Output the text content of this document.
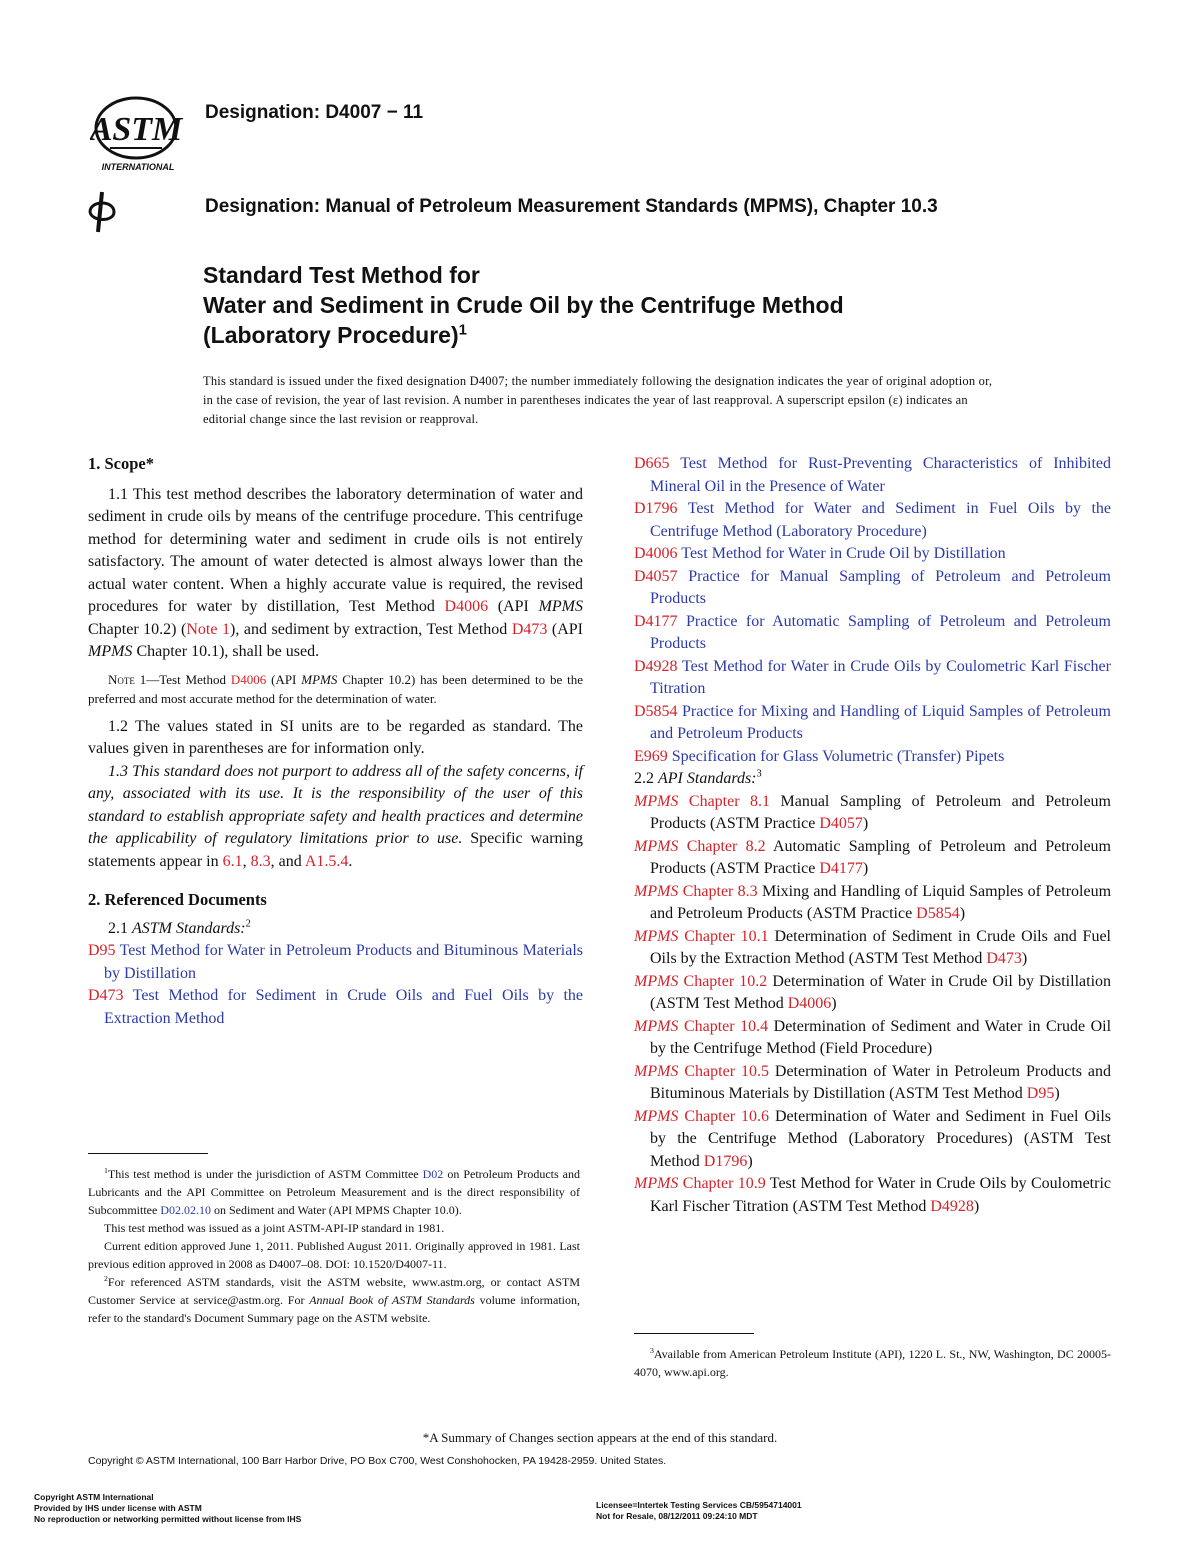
ASTM
INTERNATIONAL
Designation: D4007 − 11
Designation: Manual of Petroleum Measurement Standards (MPMS), Chapter 10.3
Standard Test Method for
Water and Sediment in Crude Oil by the Centrifuge Method
(Laboratory Procedure)$^1$
This standard is issued under the fixed designation D4007; the number immediately following the designation indicates the year of original adoption or, in the case of revision, the year of last revision. A number in parentheses indicates the year of last reapproval. A superscript epsilon (ε) indicates an editorial change since the last revision or reapproval.
1. Scope*

1.1 This test method describes the laboratory determination of water and sediment in crude oils by means of the centrifuge procedure. This centrifuge method for determining water and sediment in crude oils is not entirely satisfactory. The amount of water detected is almost always lower than the actual water content. When a highly accurate value is required, the revised procedures for water by distillation, Test Method D4006 (API MPMS Chapter 10.2) (Note 1), and sediment by extraction, Test Method D473 (API MPMS Chapter 10.1), shall be used.

Note 1—Test Method D4006 (API MPMS Chapter 10.2) has been determined to be the preferred and most accurate method for the determination of water.

1.2 The values stated in SI units are to be regarded as standard. The values given in parentheses are for information only.

1.3 This standard does not purport to address all of the safety concerns, if any, associated with its use. It is the responsibility of the user of this standard to establish appropriate safety and health practices and determine the applicability of regulatory limitations prior to use. Specific warning statements appear in 6.1, 8.3, and A1.5.4.

2. Referenced Documents

2.1 ASTM Standards:$^2$

D95 Test Method for Water in Petroleum Products and Bituminous Materials by Distillation
D473 Test Method for Sediment in Crude Oils and Fuel Oils by the Extraction Method

$^1$This test method is under the jurisdiction of ASTM Committee D02 on Petroleum Products and Lubricants and the API Committee on Petroleum Measurement and is the direct responsibility of Subcommittee D02.02.10 on Sediment and Water (API MPMS Chapter 10.0).

This test method was issued as a joint ASTM-API-IP standard in 1981.

Current edition approved June 1, 2011. Published August 2011. Originally approved in 1981. Last previous edition approved in 2008 as D4007–08. DOI: 10.1520/D4007-11.

$^2$For referenced ASTM standards, visit the ASTM website, www.astm.org, or contact ASTM Customer Service at service@astm.org. For Annual Book of ASTM Standards volume information, refer to the standard's Document Summary page on the ASTM website.

D665 Test Method for Rust-Preventing Characteristics of Inhibited Mineral Oil in the Presence of Water
D1796 Test Method for Water and Sediment in Fuel Oils by the Centrifuge Method (Laboratory Procedure)
D4006 Test Method for Water in Crude Oil by Distillation
D4057 Practice for Manual Sampling of Petroleum and Petroleum Products
D4177 Practice for Automatic Sampling of Petroleum and Petroleum Products
D4928 Test Method for Water in Crude Oils by Coulometric Karl Fischer Titration
D5854 Practice for Mixing and Handling of Liquid Samples of Petroleum and Petroleum Products
E969 Specification for Glass Volumetric (Transfer) Pipets

2.2 API Standards:$^3$

MPMS Chapter 8.1 Manual Sampling of Petroleum and Petroleum Products (ASTM Practice D4057)
MPMS Chapter 8.2 Automatic Sampling of Petroleum and Petroleum Products (ASTM Practice D4177)
MPMS Chapter 8.3 Mixing and Handling of Liquid Samples of Petroleum and Petroleum Products (ASTM Practice D5854)
MPMS Chapter 10.1 Determination of Sediment in Crude Oils and Fuel Oils by the Extraction Method (ASTM Test Method D473)
MPMS Chapter 10.2 Determination of Water in Crude Oil by Distillation (ASTM Test Method D4006)
MPMS Chapter 10.4 Determination of Sediment and Water in Crude Oil by the Centrifuge Method (Field Procedure)
MPMS Chapter 10.5 Determination of Water in Petroleum Products and Bituminous Materials by Distillation (ASTM Test Method D95)
MPMS Chapter 10.6 Determination of Water and Sediment in Fuel Oils by the Centrifuge Method (Laboratory Procedures) (ASTM Test Method D1796)
MPMS Chapter 10.9 Test Method for Water in Crude Oils by Coulometric Karl Fischer Titration (ASTM Test Method D4928)

$^3$Available from American Petroleum Institute (API), 1220 L. St., NW, Washington, DC 20005-4070, www.api.org.

*A Summary of Changes section appears at the end of this standard.
Copyright © ASTM International, 100 Barr Harbor Drive, PO Box C700, West Conshohocken, PA 19428-2959. United States.
Copyright ASTM International
Provided by IHS under license with ASTM
No reproduction or networking permitted without license from IHS
Licensee=Intertek Testing Services CB/5954714001
Not for Resale, 08/12/2011 09:24:10 MDT
